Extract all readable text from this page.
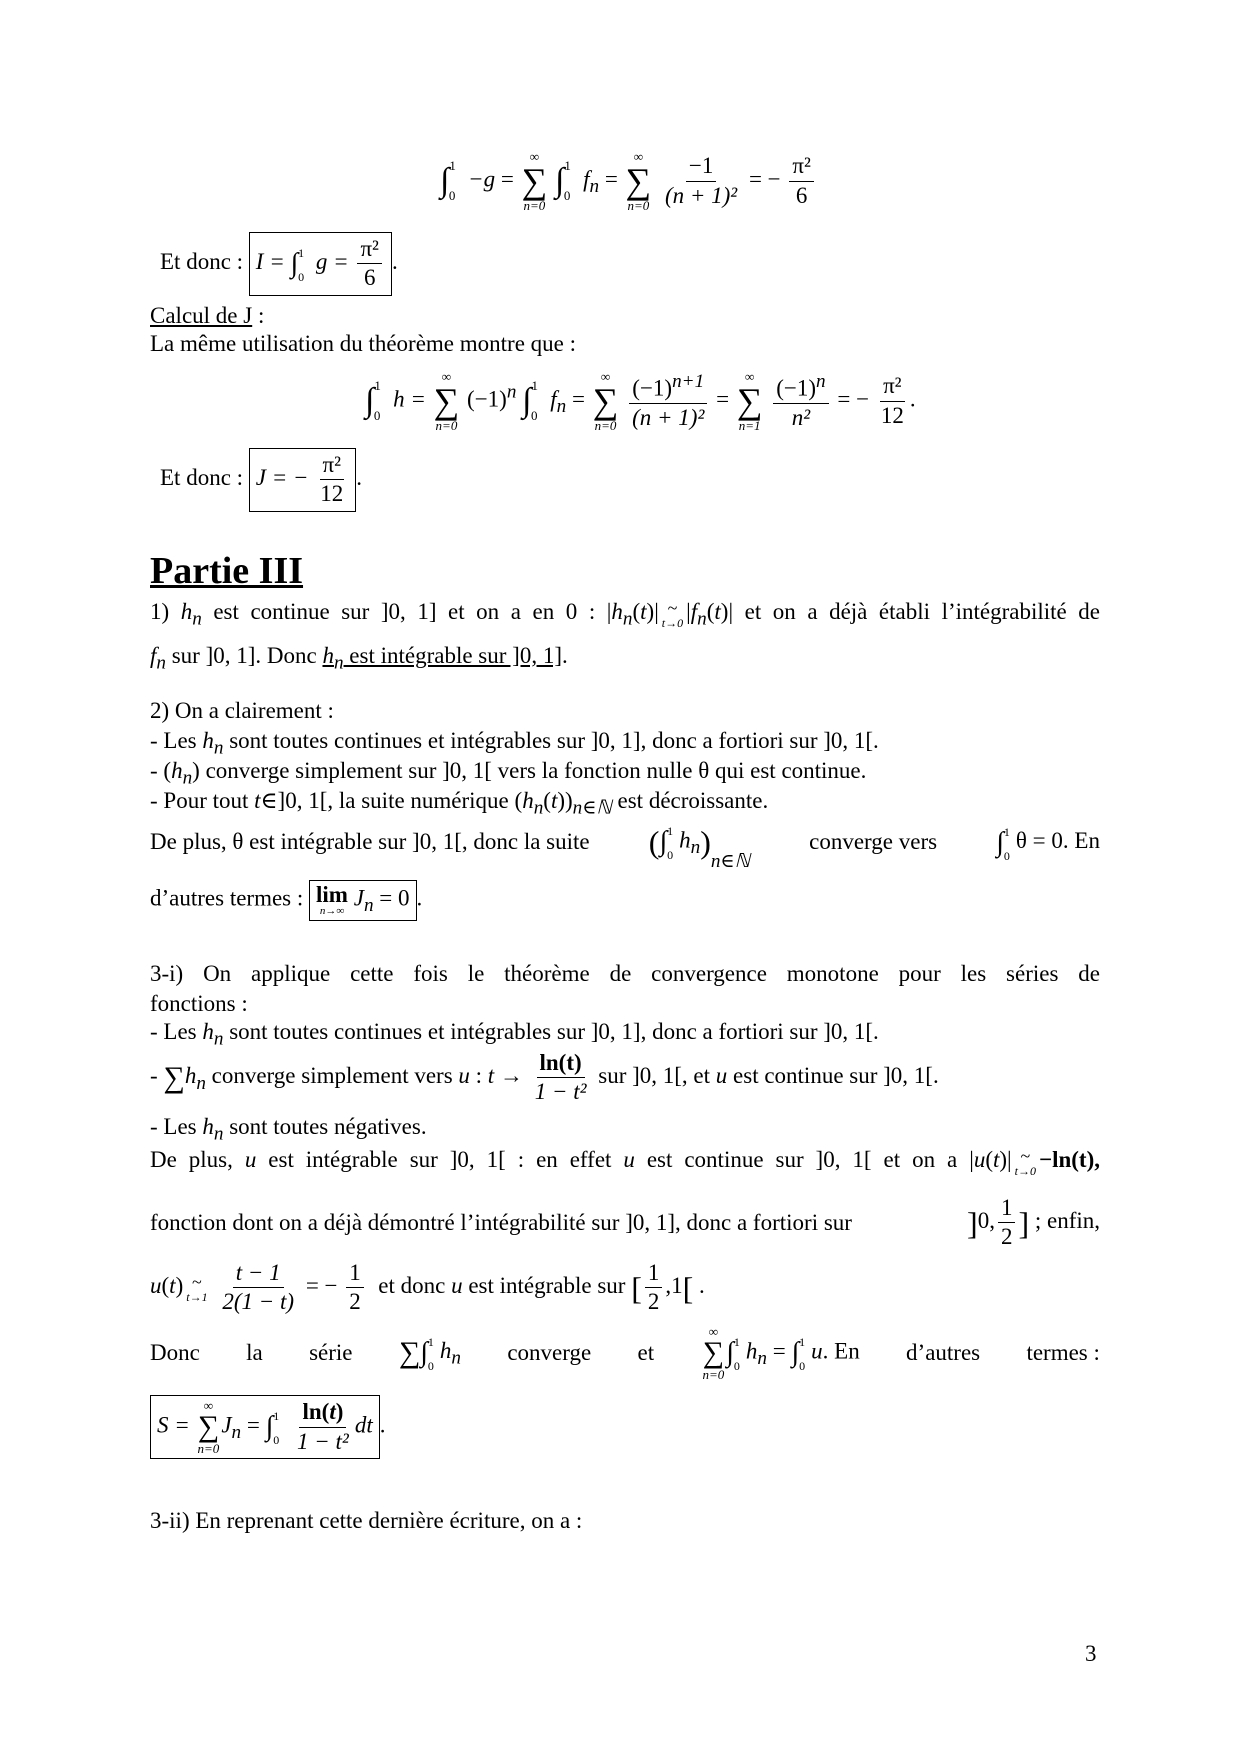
∫$^1_0$ −g =
∞
∑
n=0
∫$^1_0$ $f_n$ =
∞
∑
n=0
$\frac{-1}{\text{(n + 1)²}}$ = − $\frac{\text{π²}}{6}$
Et donc : I = ∫$^1_0$ $g = \frac{\text{π²}}{6}$ .
Calcul de J :
La même utilisation du théorème montre que :
∫$^1_0$ h =
∞
∑
n=0
$(-1)^n$ ∫$^1_0$ $f_n$ =
∞
∑
n=0
$\frac{(-1)^{n+1}}{\text{(n + 1)²}}$ =
∞
∑
n=1
$\frac{(-1)^n}{\text{n²}}$ = − $\frac{\text{π²}}{12}$ .
Et donc : J = − $\frac{\text{π²}}{12}$ .
Partie III
1) $h_n$ est continue sur ]0, 1] et on a en 0 : $|h_n(t)|$ ~
t→0 $|f_n(t)|$ et on a déjà établi l’intégrabilité de
$f_n$ sur ]0, 1]. Donc $h_n$ est intégrable sur ]0, 1].
2) On a clairement :
- Les $h_n$ sont toutes continues et intégrables sur ]0, 1], donc a fortiori sur ]0, 1[.
- $(h_n)$ converge simplement sur ]0, 1[ vers la fonction nulle θ qui est continue.
- Pour tout t∈]0, 1[, la suite numérique $(h_n(t))_{n\in ℕ}$ est décroissante.
De plus, θ est intégrable sur ]0, 1[, donc la suite $(\int^1_0h_n)_{n\in ℕ}$
converge vers ∫$^1_0$θ = 0. En
d’autres termes : lim
n→∞
$J_n = 0$ .
3-i) On applique cette fois le théorème de convergence monotone pour les séries de
fonctions :
- Les $h_n$ sont toutes continues et intégrables sur ]0, 1], donc a fortiori sur ]0, 1[.
- $\sum h_n$ converge simplement vers u : $t \to \frac{\ln(t)}{\text{1 − t²}}$ sur ]0, 1[, et u est continue sur ]0, 1[.
- Les $h_n$ sont toutes négatives.
De plus, u est intégrable sur ]0, 1[ : en effet u est continue sur ]0, 1[ et on a |u(t)| ~
t→0 −ln(t),
fonction dont on a déjà démontré l’intégrabilité sur ]0, 1], donc a fortiori sur	]0, $\frac{1}{2}$ ] ; enfin,
u(t) ~
t→1
$\frac{t - 1}{2(1 - t)}$ = − $\frac{1}{2}$ et donc u est intégrable sur [ $\frac{1}{2} ,1$[ .
Donc la série $\sum\int^1_0h_n$ converge et
∞
∑
n=0
$\int^1_0h_n = \int^1_0u$. En d’autres termes :
S =
∞
∑
n=0
$J_n = \int^1_0 \frac{\ln(t)}{\text{1 − t²}}$ dt .
3-ii) En reprenant cette dernière écriture, on a :
3
